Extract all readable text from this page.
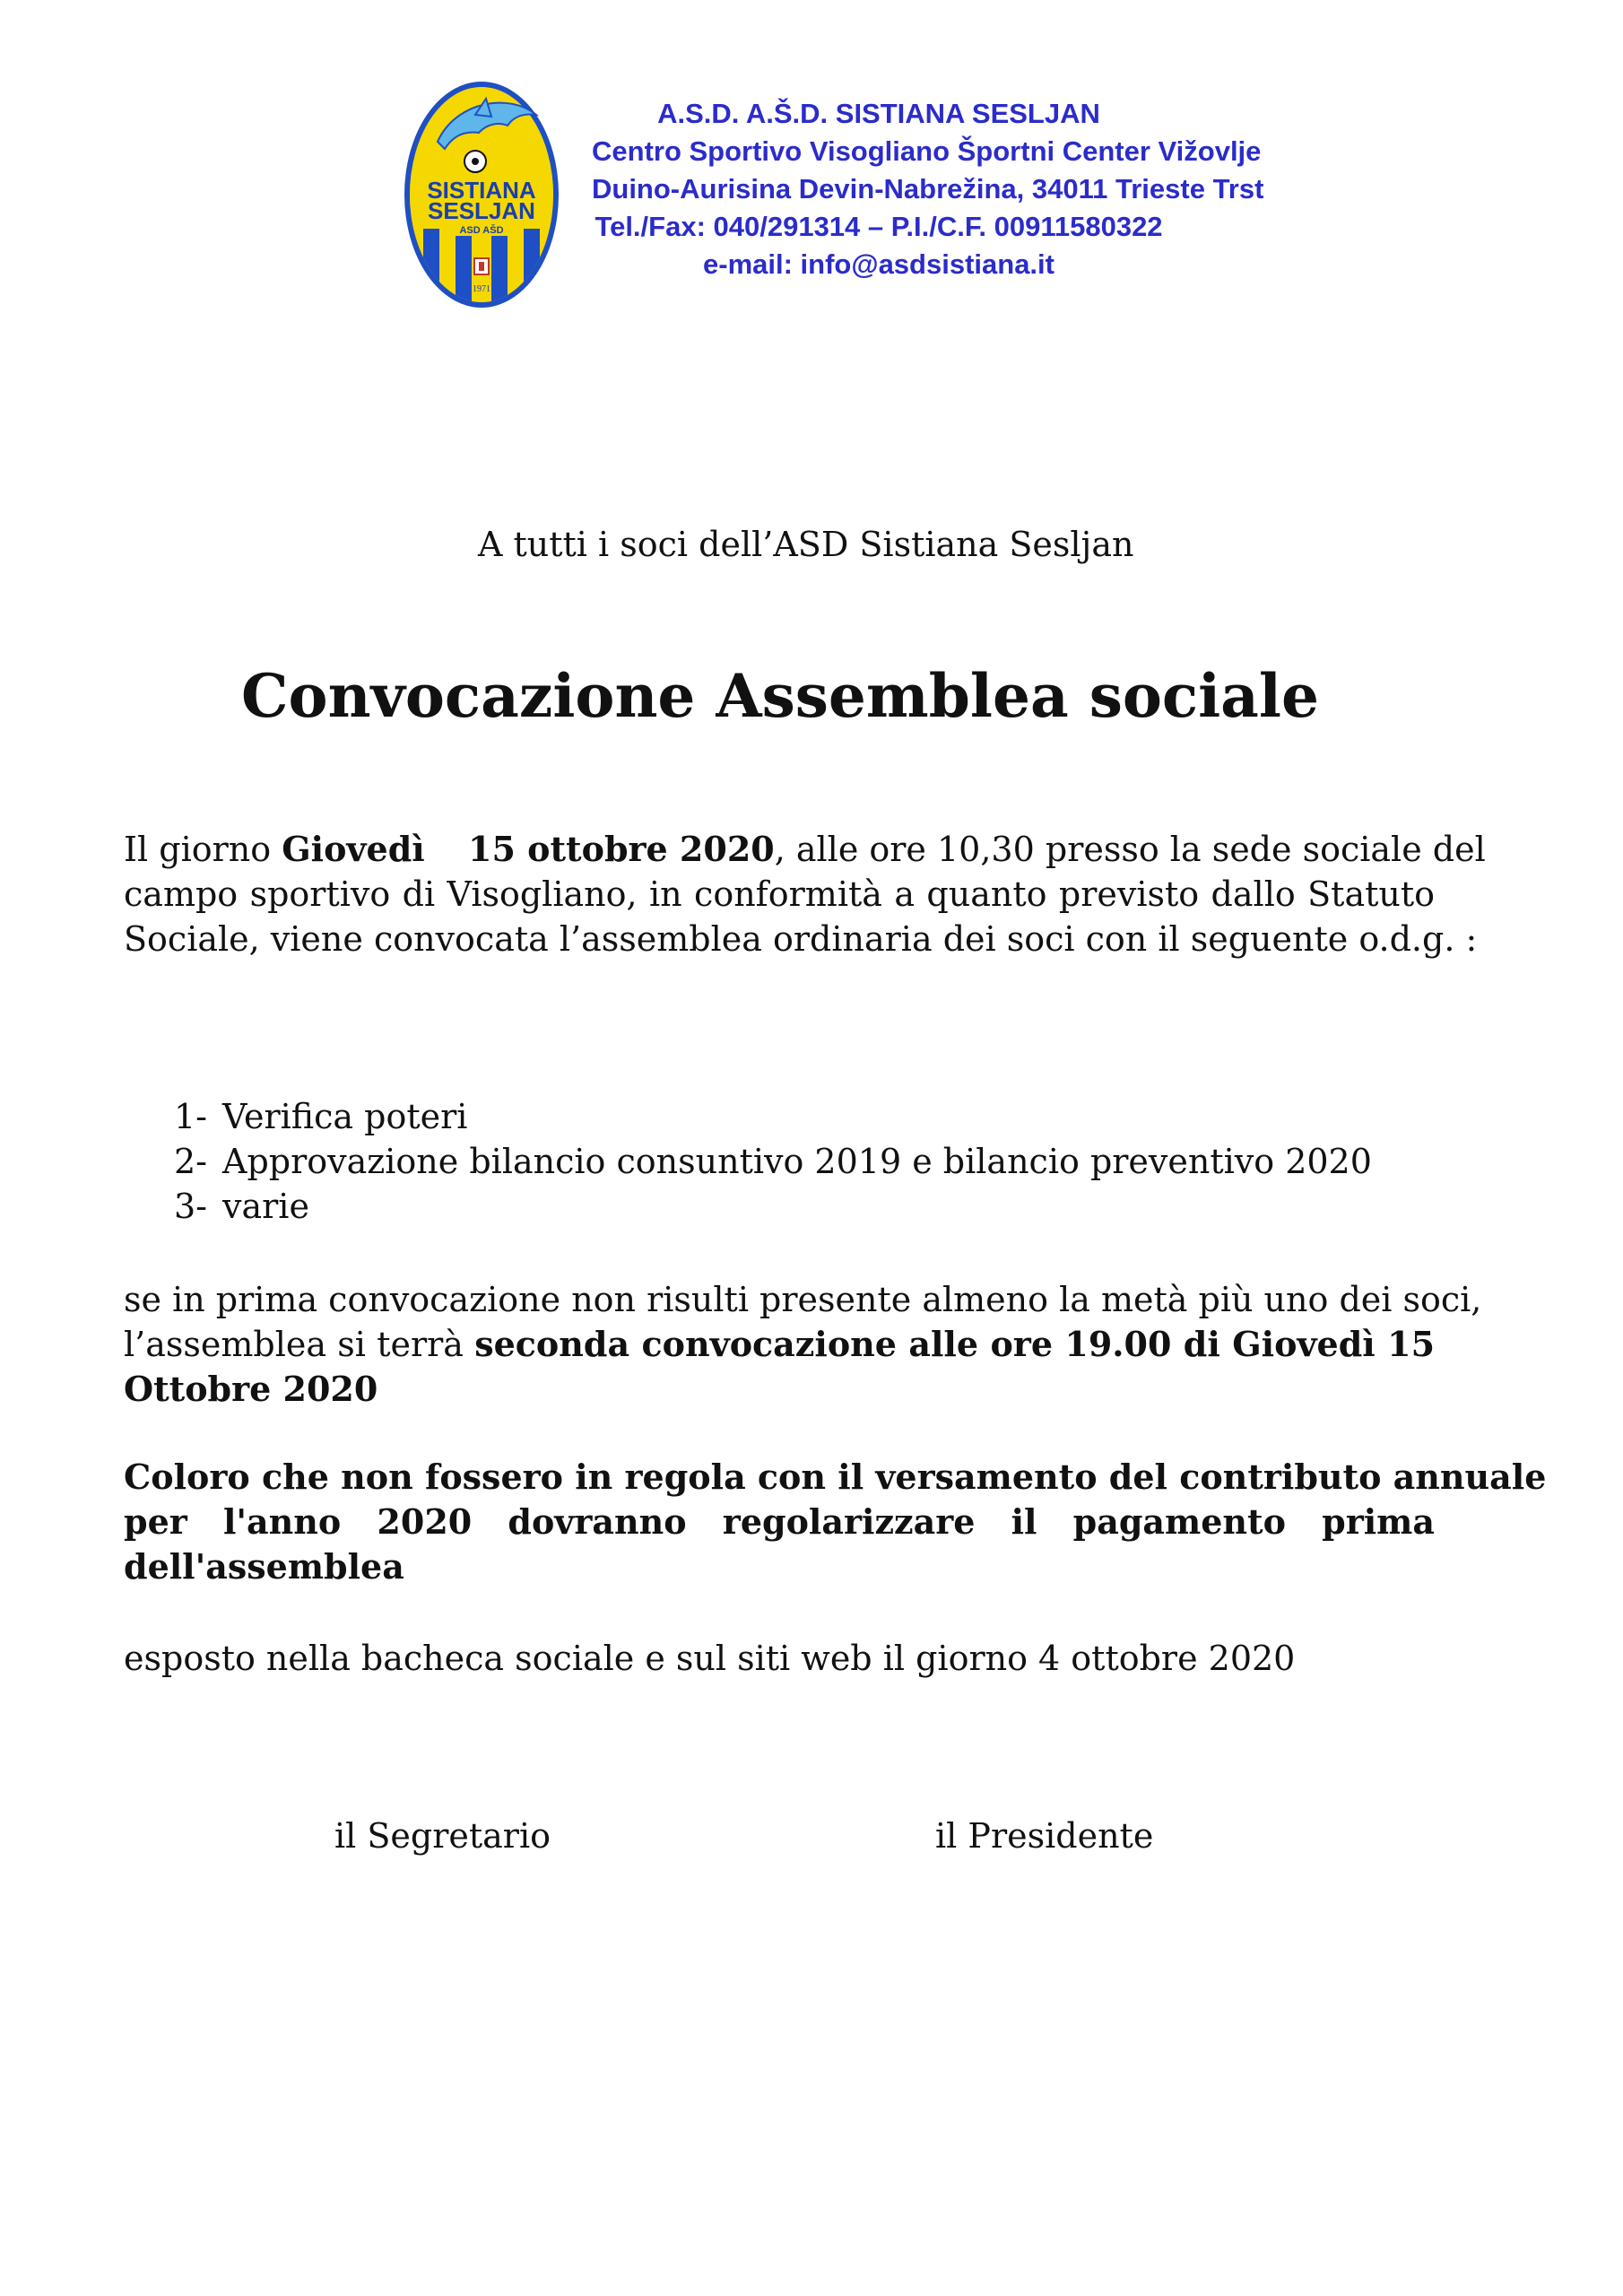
SISTIANA
SESLJAN
ASD AŠD
1971
A.S.D. A.Š.D. SISTIANA SESLJAN
Centro Sportivo Visogliano Športni Center Vižovlje
Duino-Aurisina Devin-Nabrežina, 34011 Trieste Trst
Tel./Fax: 040/291314 – P.I./C.F. 00911580322
e-mail: info@asdsistiana.it
A tutti i soci dell’ASD Sistiana Sesljan
Convocazione Assemblea sociale
Il giorno Giovedì 15 ottobre 2020, alle ore 10,30 presso la sede sociale del
campo sportivo di Visogliano, in conformità a quanto previsto dallo Statuto
Sociale, viene convocata l’assemblea ordinaria dei soci con il seguente o.d.g. :
1- Verifica poteri
2- Approvazione bilancio consuntivo 2019 e bilancio preventivo 2020
3- varie
se in prima convocazione non risulti presente almeno la metà più uno dei soci,
l’assemblea si terrà seconda convocazione alle ore 19.00 di Giovedì 15
Ottobre 2020
Coloro che non fossero in regola con il versamento del contributo annuale
per l'anno 2020 dovranno regolarizzare il pagamento prima
dell'assemblea
esposto nella bacheca sociale e sul siti web il giorno 4 ottobre 2020
il Segretario	il Presidente
